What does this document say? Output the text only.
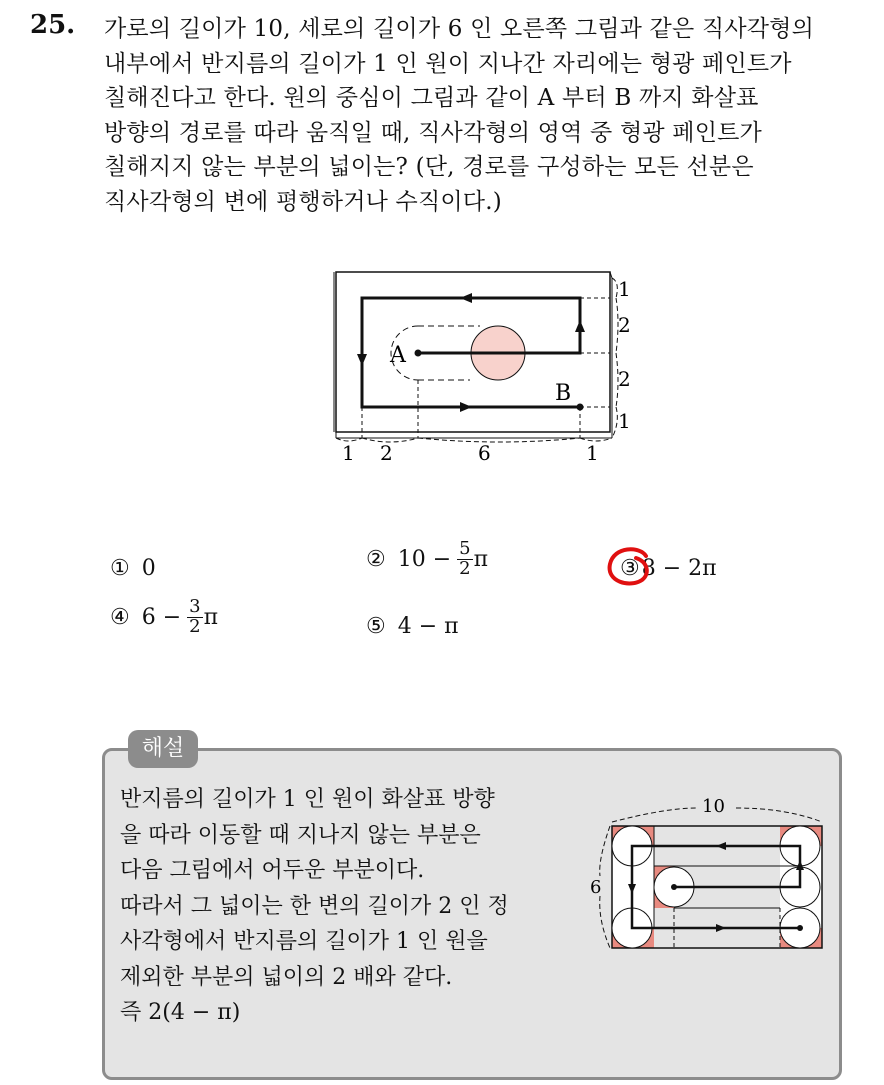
25. 가로의 길이가 10, 세로의 길이가 6 인 오른쪽 그림과 같은 직사각형의
내부에서 반지름의 길이가 1 인 원이 지나간 자리에는 형광 페인트가
칠해진다고 한다. 원의 중심이 그림과 같이 A 부터 B 까지 화살표
방향의 경로를 따라 움직일 때, 직사각형의 영역 중 형광 페인트가
칠해지지 않는 부분의 넓이는? (단, 경로를 구성하는 모든 선분은
직사각형의 변에 평행하거나 수직이다.)
A
B
1
2
2
1
1 2	6	1
① 0	② $10 - \frac{5}{2}$ π	③ 8 − 2π
④ $6 - \frac{3}{2}$ π	⑤ 4 − π
해설
반지름의 길이가 1 인 원이 화살표 방향
을 따라 이동할 때 지나지 않는 부분은
다음 그림에서 어두운 부분이다.
따라서 그 넓이는 한 변의 길이가 2 인 정
사각형에서 반지름의 길이가 1 인 원을
제외한 부분의 넓이의 2 배와 같다.
즉 2(4 − π)
10
6
